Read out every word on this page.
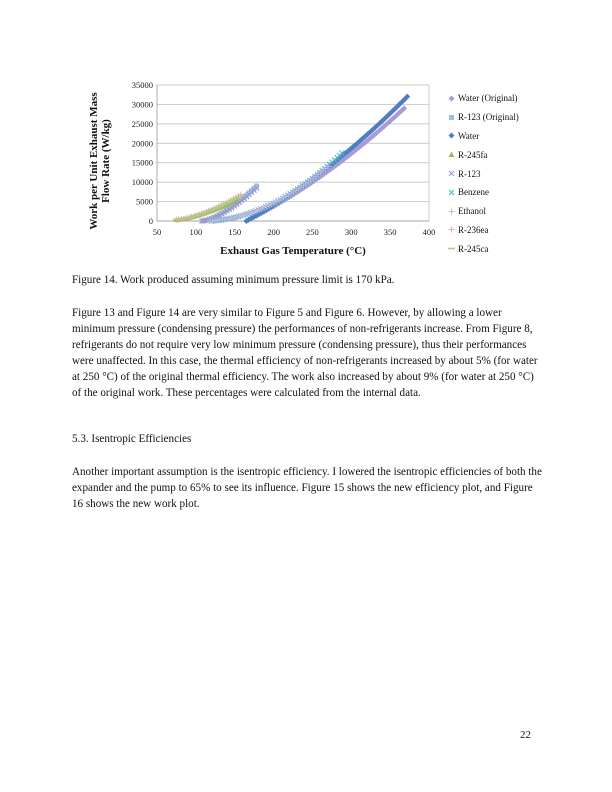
0
5000
10000
15000
20000
25000
30000
35000
50	100	150	200	250	300	350	400
Exhaust Gas Temperature (°C)
Work per Unit Exhaust MassFlow Rate (W/kg)
Water (Original)
R-123 (Original)
Water
R-245fa
R-123
Benzene
Ethanol
R-236ea
R-245ca
Figure 14. Work produced assuming minimum pressure limit is 170 kPa.
Figure 13 and Figure 14 are very similar to Figure 5 and Figure 6. However, by allowing a lower minimum pressure (condensing pressure) the performances of non-refrigerants increase. From Figure 8, refrigerants do not require very low minimum pressure (condensing pressure), thus their performances were unaffected. In this case, the thermal efficiency of non-refrigerants increased by about 5% (for water at 250 °C) of the original thermal efficiency. The work also increased by about 9% (for water at 250 °C) of the original work. These percentages were calculated from the internal data.
5.3. Isentropic Efficiencies
Another important assumption is the isentropic efficiency. I lowered the isentropic efficiencies of both the expander and the pump to 65% to see its influence. Figure 15 shows the new efficiency plot, and Figure 16 shows the new work plot.
22
